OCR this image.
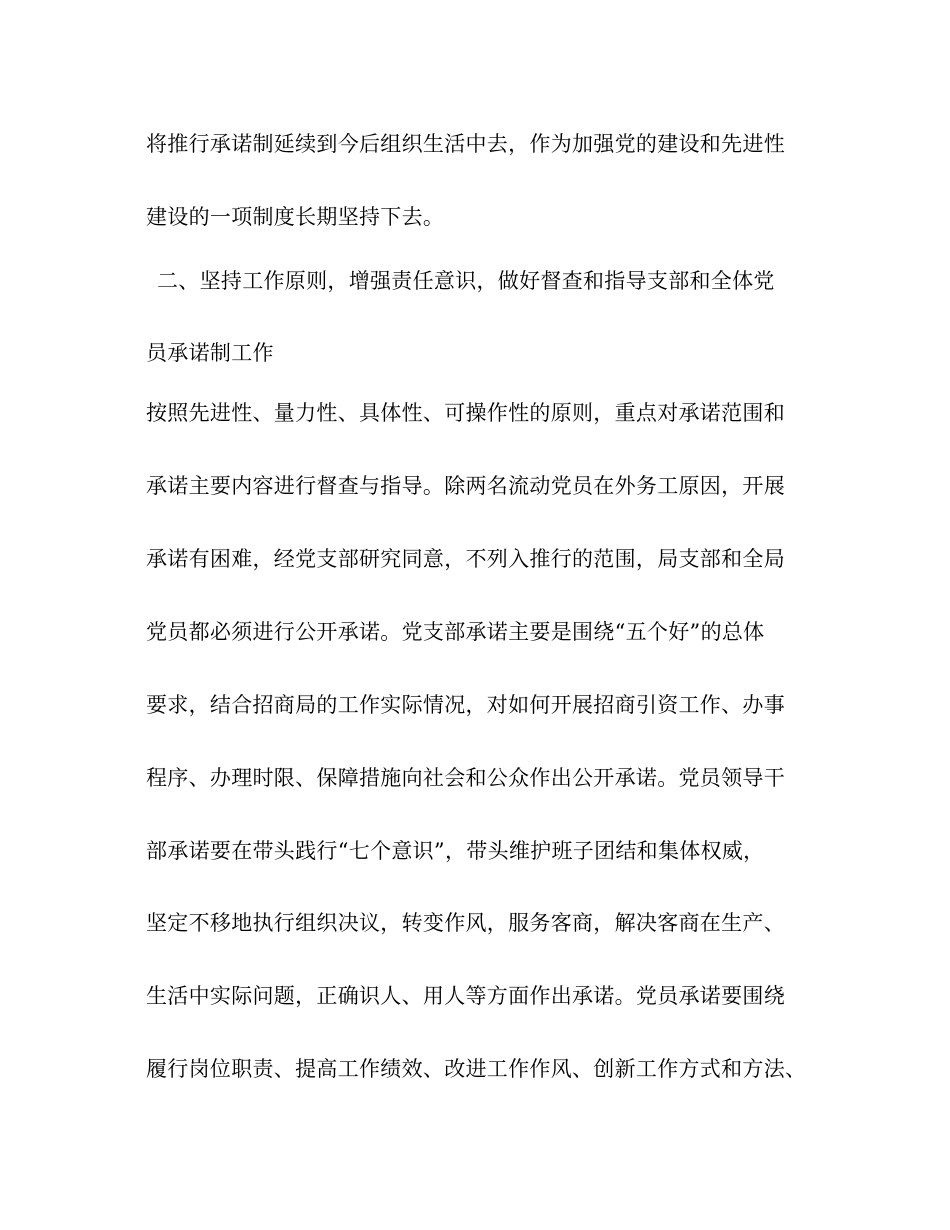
将推行承诺制延续到今后组织生活中去，作为加强党的建设和先进性
建设的一项制度长期坚持下去。
二、坚持工作原则，增强责任意识，做好督查和指导支部和全体党
员承诺制工作
按照先进性、量力性、具体性、可操作性的原则，重点对承诺范围和
承诺主要内容进行督查与指导。除两名流动党员在外务工原因，开展
承诺有困难，经党支部研究同意，不列入推行的范围，局支部和全局
党员都必须进行公开承诺。党支部承诺主要是围绕“五个好”的总体
要求，结合招商局的工作实际情况，对如何开展招商引资工作、办事
程序、办理时限、保障措施向社会和公众作出公开承诺。党员领导干
部承诺要在带头践行“七个意识”，带头维护班子团结和集体权威，
坚定不移地执行组织决议，转变作风，服务客商，解决客商在生产、
生活中实际问题，正确识人、用人等方面作出承诺。党员承诺要围绕
履行岗位职责、提高工作绩效、改进工作作风、创新工作方式和方法、
